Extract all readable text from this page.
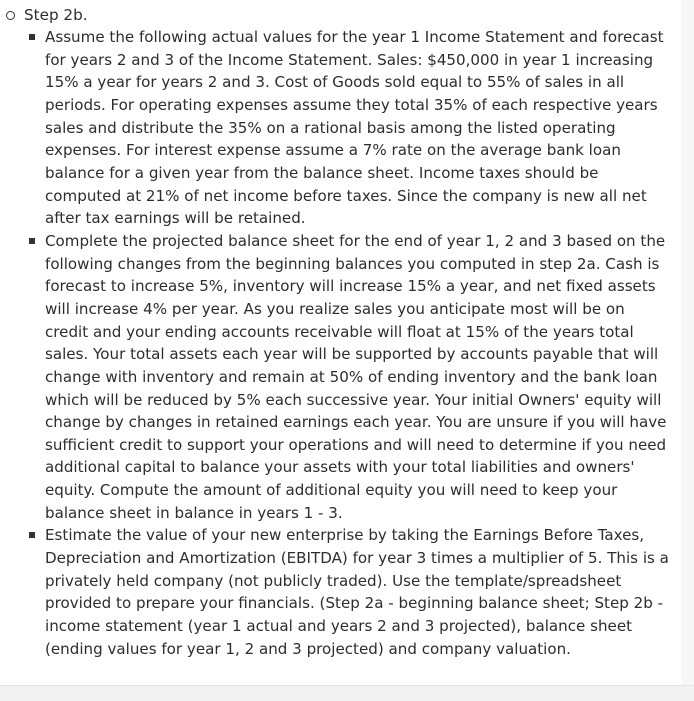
Step 2b.
Assume the following actual values for the year 1 Income Statement and forecast for years 2 and 3 of the Income Statement. Sales: $450,000 in year 1 increasing 15% a year for years 2 and 3. Cost of Goods sold equal to 55% of sales in all periods. For operating expenses assume they total 35% of each respective years sales and distribute the 35% on a rational basis among the listed operating expenses. For interest expense assume a 7% rate on the average bank loan balance for a given year from the balance sheet. Income taxes should be computed at 21% of net income before taxes. Since the company is new all net after tax earnings will be retained.
Complete the projected balance sheet for the end of year 1, 2 and 3 based on the following changes from the beginning balances you computed in step 2a. Cash is forecast to increase 5%, inventory will increase 15% a year, and net fixed assets will increase 4% per year. As you realize sales you anticipate most will be on credit and your ending accounts receivable will float at 15% of the years total sales. Your total assets each year will be supported by accounts payable that will change with inventory and remain at 50% of ending inventory and the bank loan which will be reduced by 5% each successive year. Your initial Owners' equity will change by changes in retained earnings each year. You are unsure if you will have sufficient credit to support your operations and will need to determine if you need additional capital to balance your assets with your total liabilities and owners' equity. Compute the amount of additional equity you will need to keep your balance sheet in balance in years 1 - 3.
Estimate the value of your new enterprise by taking the Earnings Before Taxes, Depreciation and Amortization (EBITDA) for year 3 times a multiplier of 5. This is a privately held company (not publicly traded). Use the template/spreadsheet provided to prepare your financials. (Step 2a - beginning balance sheet; Step 2b - income statement (year 1 actual and years 2 and 3 projected), balance sheet (ending values for year 1, 2 and 3 projected) and company valuation.
